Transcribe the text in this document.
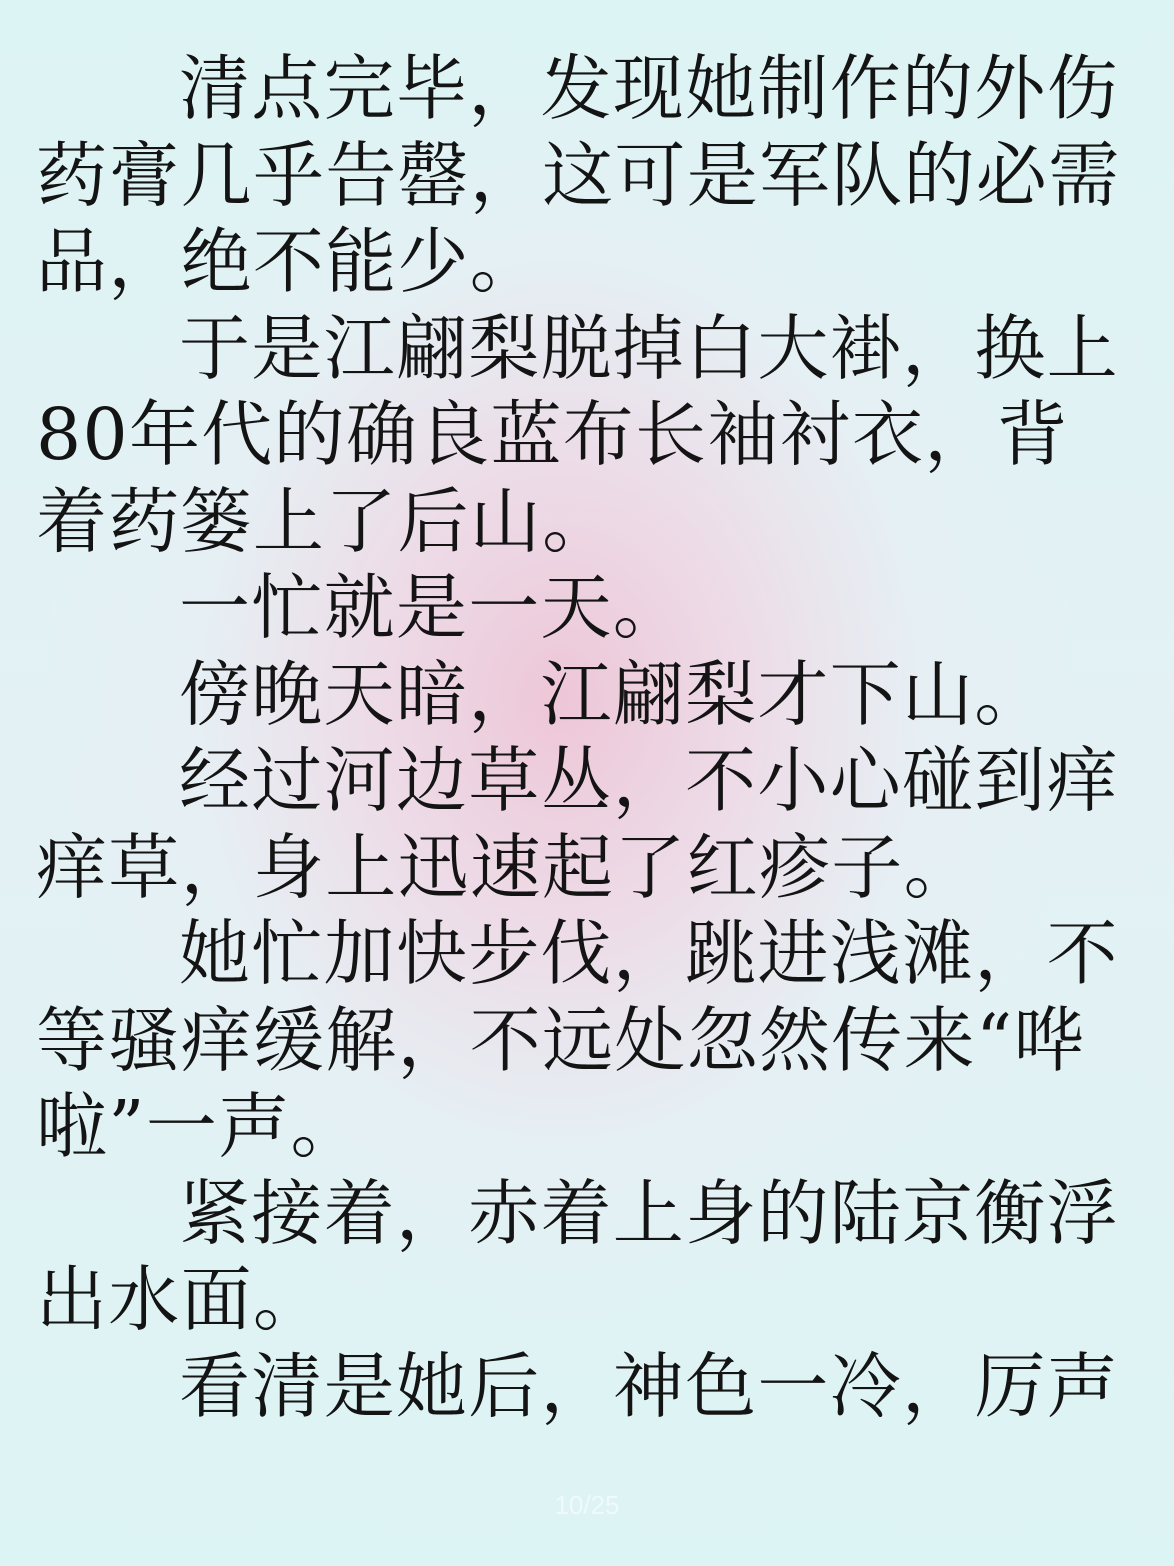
清点完毕，发现她制作的外伤药膏几乎告罄，这可是军队的必需品，绝不能少。

于是江翩梨脱掉白大褂，换上80年代的确良蓝布长袖衬衣，背着药篓上了后山。

一忙就是一天。

傍晚天暗，江翩梨才下山。

经过河边草丛，不小心碰到痒痒草，身上迅速起了红疹子。

她忙加快步伐，跳进浅滩，不等骚痒缓解，不远处忽然传来“哗啦”一声。

紧接着，赤着上身的陆京衡浮出水面。

看清是她后，神色一冷，厉声

10/25
